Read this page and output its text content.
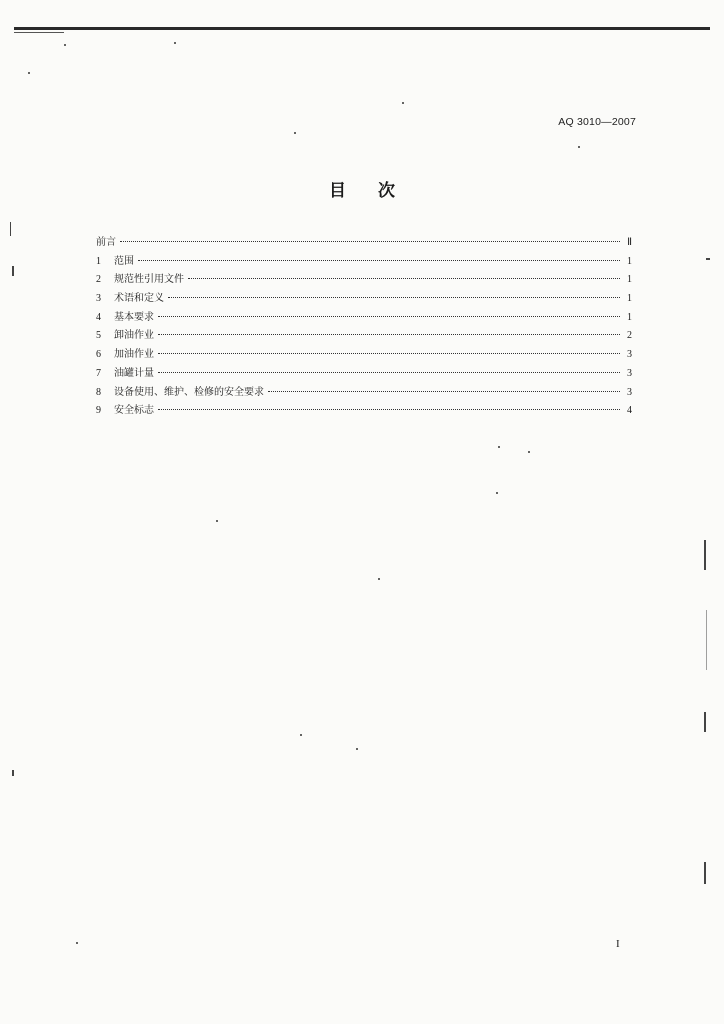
AQ 3010—2007
目次
前言	Ⅱ
1	范围	1
2	规范性引用文件	1
3	术语和定义	1
4	基本要求	1
5	卸油作业	2
6	加油作业	3
7	油罐计量	3
8	设备使用、维护、检修的安全要求	3
9	安全标志	4
I
